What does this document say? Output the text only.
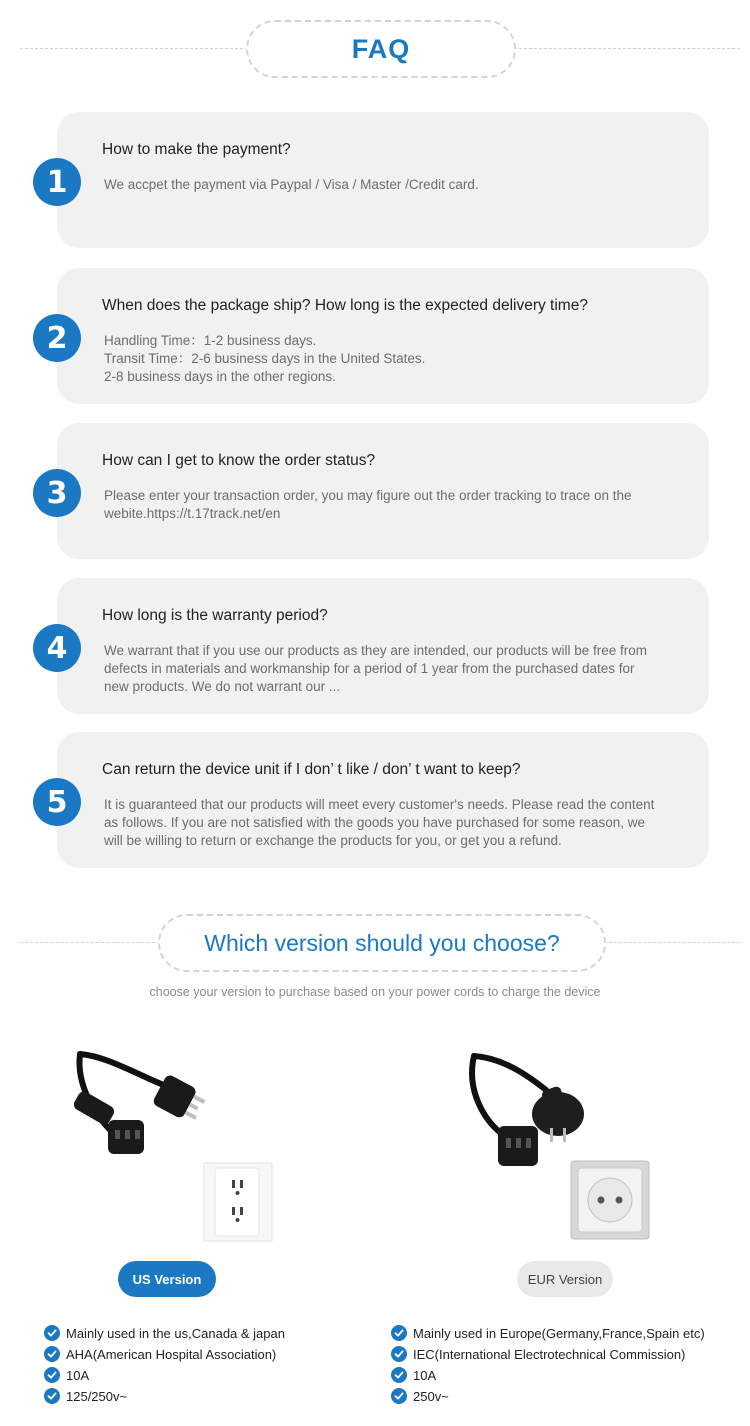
FAQ
1
How to make the payment?
We accpet the payment via Paypal / Visa / Master /Credit card.
2
When does the package ship? How long is the expected delivery time?
Handling Time：1-2 business days.
Transit Time：2-6 business days in the United States.
2-8 business days in the other regions.
3
How can I get to know the order status?
Please enter your transaction order, you may figure out the order tracking to trace on the
webite.https://t.17track.net/en
4
How long is the warranty period?
We warrant that if you use our products as they are intended, our products will be free from
defects in materials and workmanship for a period of 1 year from the purchased dates for
new products. We do not warrant our ...
5
Can return the device unit if I don’ t like / don’ t want to keep?
It is guaranteed that our products will meet every customer's needs. Please read the content
as follows. If you are not satisfied with the goods you have purchased for some reason, we
will be willing to return or exchange the products for you, or get you a refund.
Which version should you choose?
choose your version to purchase based on your power cords to charge the device
US Version	EUR Version
Mainly used in the us,Canada & japan
AHA(American Hospital Association)
10A
125/250v~
Mainly used in Europe(Germany,France,Spain etc)
IEC(International Electrotechnical Commission)
10A
250v~
